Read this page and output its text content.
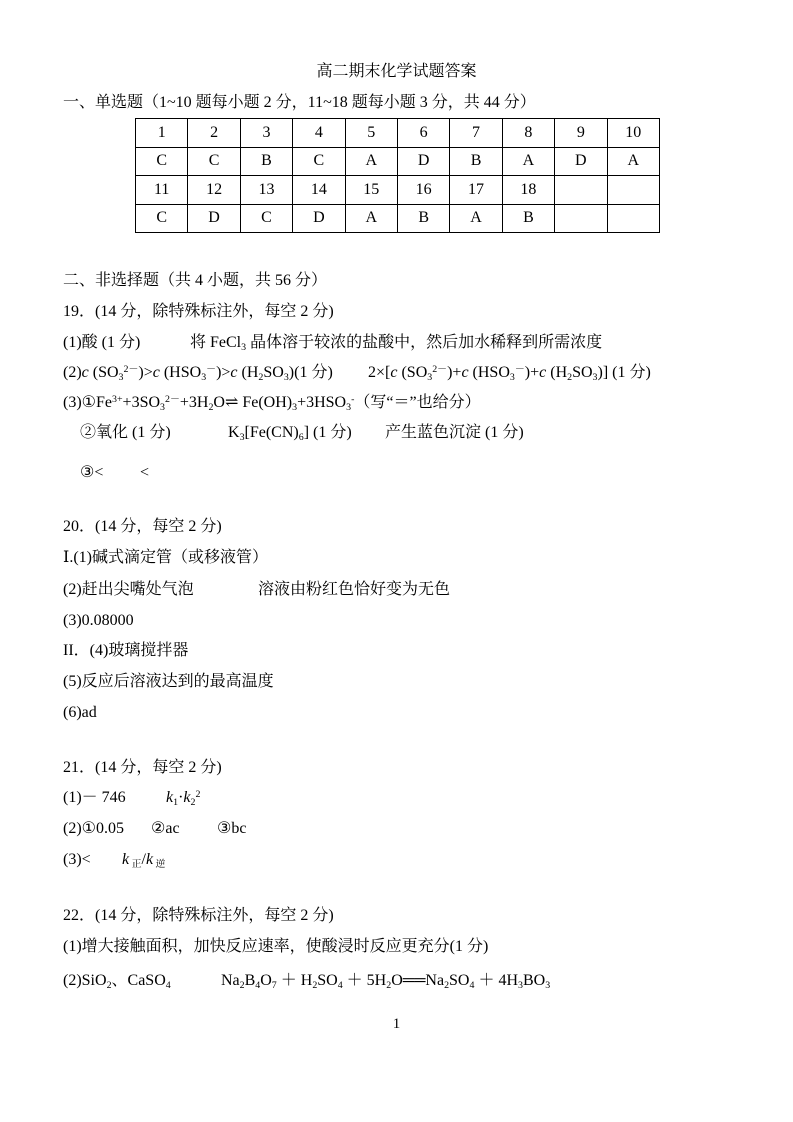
高二期末化学试题答案
一、单选题（1~10 题每小题 2 分，11~18 题每小题 3 分，共 44 分）
1	2	3	4	5	6	7	8	9	10
C	C	B	C	A	D	B	A	D	A
11	12	13	14	15	16	17	18		
C	D	C	D	A	B	A	B		
二、非选择题（共 4 小题，共 56 分）
19．(14 分，除特殊标注外，每空 2 分)
(1)酸 (1 分)	将 FeCl$_3$ 晶体溶于较浓的盐酸中，然后加水稀释到所需浓度
(2)c $(SO_3^{2-})>c$ $(HSO_3^-)>c$ $(H_2SO_3)(1$ 分) 2×[c $(SO_3^{2-})+c$ $(HSO_3^-)+c$ $(H_2SO_3)$] (1 分)
$(3)①Fe^{3+}+3SO_3^{2-}+3H_2O\rightleftharpoons$ $Fe(OH)_3+3HSO_3^-$（写“＝”也给分）
②氧化 (1 分)	$K_3[Fe(CN)_6]$ (1 分) 产生蓝色沉淀 (1 分)
③< <
20．(14 分，每空 2 分)
Ⅰ.(1)碱式滴定管（或移液管）
(2)赶出尖嘴处气泡	溶液由粉红色恰好变为无色
(3)0.08000
II．(4)玻璃搅拌器
(5)反应后溶液达到的最高温度
(6)ad
21．(14 分，每空 2 分)
(1)－ 746	$k_1\cdot k_2^2$
(2)①0.05 ②ac ③bc
(3)< k $_正$/k $_逆$
22．(14 分，除特殊标注外，每空 2 分)
(1)增大接触面积，加快反应速率，使酸浸时反应更充分(1 分)
(2)SiO$_2$、CaSO$_4$	$Na_2B_4O_7 + H_2SO_4$ ＋ $5H_2O══Na_2SO_4 + 4H_3BO_3$
1
